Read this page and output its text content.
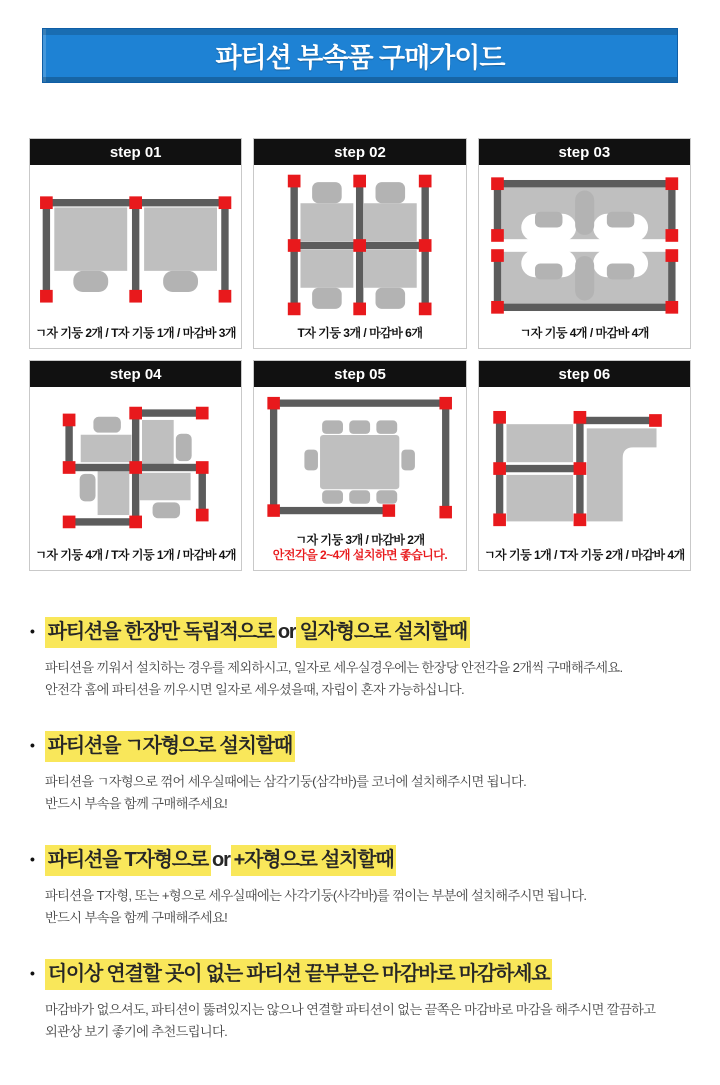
파티션 부속품 구매가이드
step 01
ㄱ자 기둥 2개 / T자 기둥 1개 / 마감바 3개
step 02
T자 기둥 3개 / 마감바 6개
step 03
ㄱ자 기둥 4개 / 마감바 4개
step 04
ㄱ자 기둥 4개 / T자 기둥 1개 / 마감바 4개
step 05
ㄱ자 기둥 3개 / 마감바 2개
안전각을 2~4개 설치하면 좋습니다.
step 06
ㄱ자 기둥 1개 / T자 기둥 2개 / 마감바 4개
• 파티션을 한장만 독립적으로 or 일자형으로 설치할때
파티션을 끼워서 설치하는 경우를 제외하시고, 일자로 세우실경우에는 한장당 안전각을 2개씩 구매해주세요.
안전각 홈에 파티션을 끼우시면 일자로 세우셨을때, 자립이 혼자 가능하십니다.
• 파티션을 ㄱ자형으로 설치할때
파티션을 ㄱ자형으로 꺾어 세우실때에는 삼각기둥(삼각바)를 코너에 설치해주시면 됩니다.
반드시 부속을 함께 구매해주세요!
• 파티션을 T자형으로 or +자형으로 설치할때
파티션을 T자형, 또는 +형으로 세우실때에는 사각기둥(사각바)를 꺾이는 부분에 설치해주시면 됩니다.
반드시 부속을 함께 구매해주세요!
• 더이상 연결할 곳이 없는 파티션 끝부분은 마감바로 마감하세요
마감바가 없으셔도, 파티션이 뚫려있지는 않으나 연결할 파티션이 없는 끝쪽은 마감바로 마감을 해주시면 깔끔하고
외관상 보기 좋기에 추천드립니다.
